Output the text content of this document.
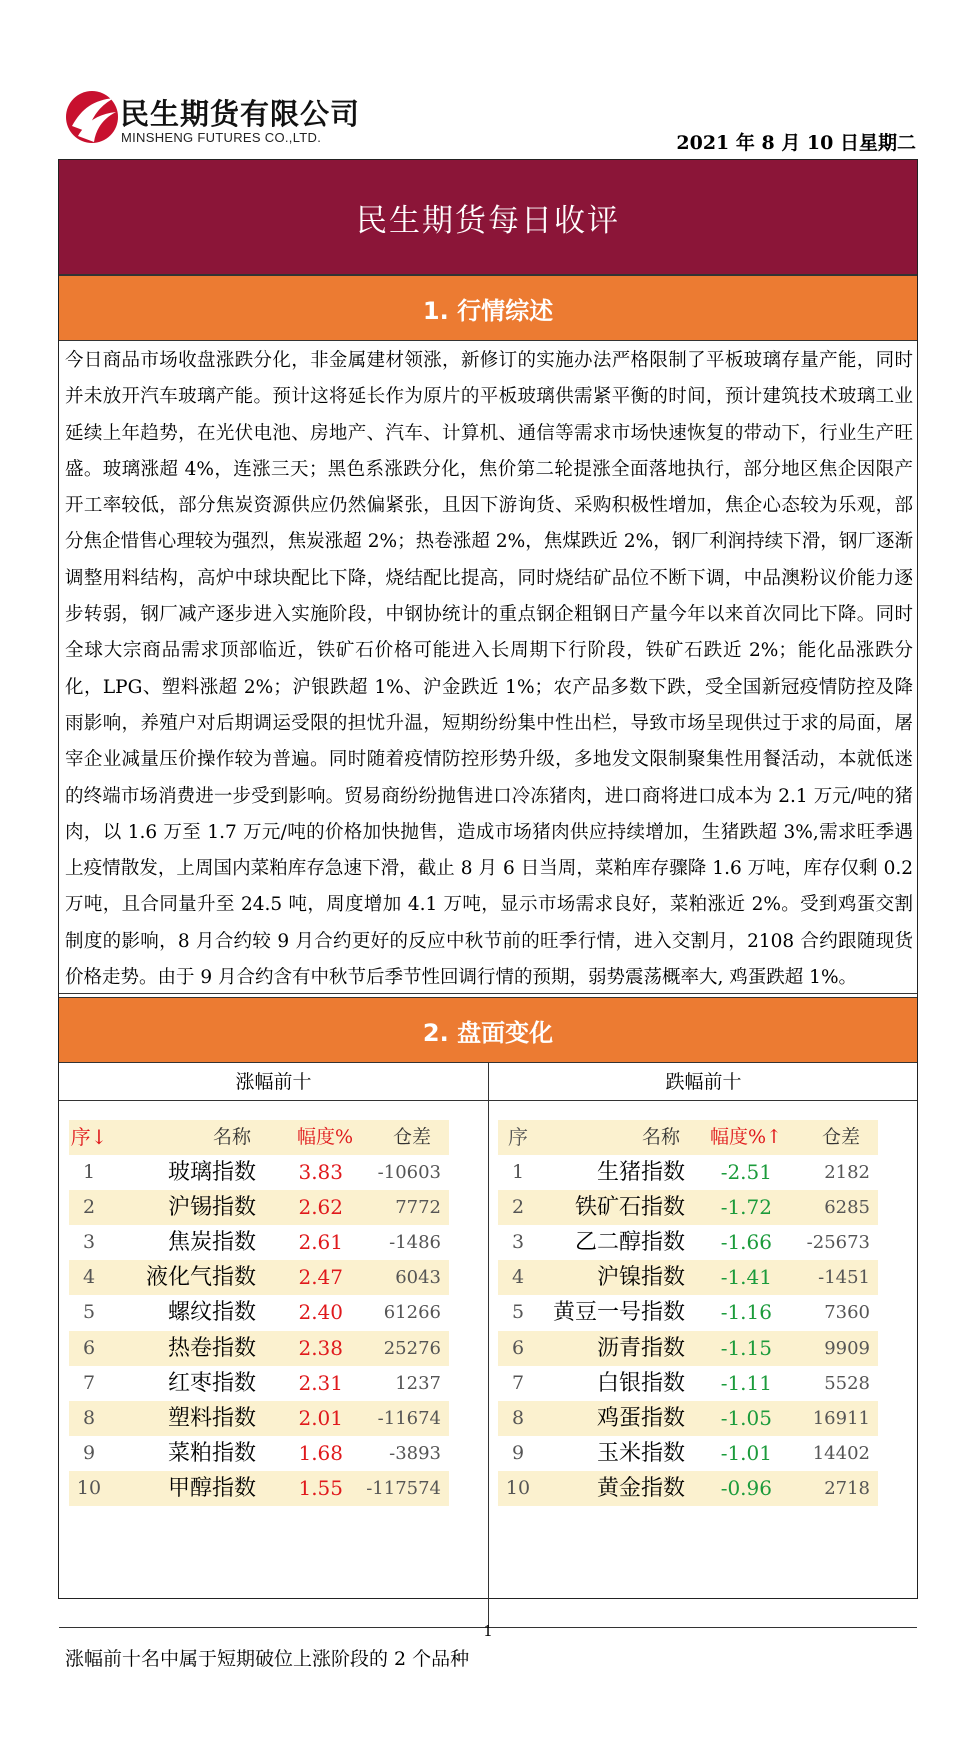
民生期货有限公司
MINSHENG FUTURES CO.,LTD.	2021 年 8 月 10 日星期二
民生期货每日收评
1. 行情综述
今日商品市场收盘涨跌分化，非金属建材领涨，新修订的实施办法严格限制了平板玻璃存量产能，同时并未放开汽车玻璃产能。预计这将延长作为原片的平板玻璃供需紧平衡的时间，预计建筑技术玻璃工业延续上年趋势，在光伏电池、房地产、汽车、计算机、通信等需求市场快速恢复的带动下，行业生产旺盛。玻璃涨超 4%，连涨三天；黑色系涨跌分化，焦价第二轮提涨全面落地执行，部分地区焦企因限产开工率较低，部分焦炭资源供应仍然偏紧张，且因下游询货、采购积极性增加，焦企心态较为乐观，部分焦企惜售心理较为强烈，焦炭涨超 2%；热卷涨超 2%，焦煤跌近 2%，钢厂利润持续下滑，钢厂逐渐调整用料结构，高炉中球块配比下降，烧结配比提高，同时烧结矿品位不断下调，中品澳粉议价能力逐步转弱，钢厂减产逐步进入实施阶段，中钢协统计的重点钢企粗钢日产量今年以来首次同比下降。同时全球大宗商品需求顶部临近，铁矿石价格可能进入长周期下行阶段，铁矿石跌近 2%；能化品涨跌分化，LPG、塑料涨超 2%；沪银跌超 1%、沪金跌近 1%；农产品多数下跌，受全国新冠疫情防控及降雨影响，养殖户对后期调运受限的担忧升温，短期纷纷集中性出栏，导致市场呈现供过于求的局面，屠宰企业减量压价操作较为普遍。同时随着疫情防控形势升级，多地发文限制聚集性用餐活动，本就低迷的终端市场消费进一步受到影响。贸易商纷纷抛售进口冷冻猪肉，进口商将进口成本为 2.1 万元/吨的猪肉，以 1.6 万至 1.7 万元/吨的价格加快抛售，造成市场猪肉供应持续增加，生猪跌超 3%,需求旺季遇上疫情散发，上周国内菜粕库存急速下滑，截止 8 月 6 日当周，菜粕库存骤降 1.6 万吨，库存仅剩 0.2 万吨，且合同量升至 24.5 吨，周度增加 4.1 万吨，显示市场需求良好，菜粕涨近 2%。受到鸡蛋交割制度的影响，8 月合约较 9 月合约更好的反应中秋节前的旺季行情，进入交割月，2108 合约跟随现货价格走势。由于 9 月合约含有中秋节后季节性回调行情的预期，弱势震荡概率大, 鸡蛋跌超 1%。
2. 盘面变化
涨幅前十	跌幅前十
序↓	名称 幅度% 仓差
1	玻璃指数 3.83 -10603
2	沪锡指数 2.62	7772
3	焦炭指数 2.61	-1486
4	液化气指数 2.47	6043
5	螺纹指数 2.40 61266
6	热卷指数 2.38 25276
7	红枣指数 2.31	1237
8	塑料指数 2.01 -11674
9	菜粕指数 1.68	-3893
10	甲醇指数 1.55 -117574
序	名称 幅度%↑ 仓差
1	生猪指数 -2.51	2182
2	铁矿石指数 -1.72	6285
3	乙二醇指数 -1.66 -25673
4	沪镍指数 -1.41	-1451
5	黄豆一号指数 -1.16	7360
6	沥青指数 -1.15	9909
7	白银指数 -1.11	5528
8	鸡蛋指数 -1.05 16911
9	玉米指数 -1.01 14402
10	黄金指数 -0.96	2718
涨幅前十名中属于短期破位上涨阶段的 2 个品种
1
